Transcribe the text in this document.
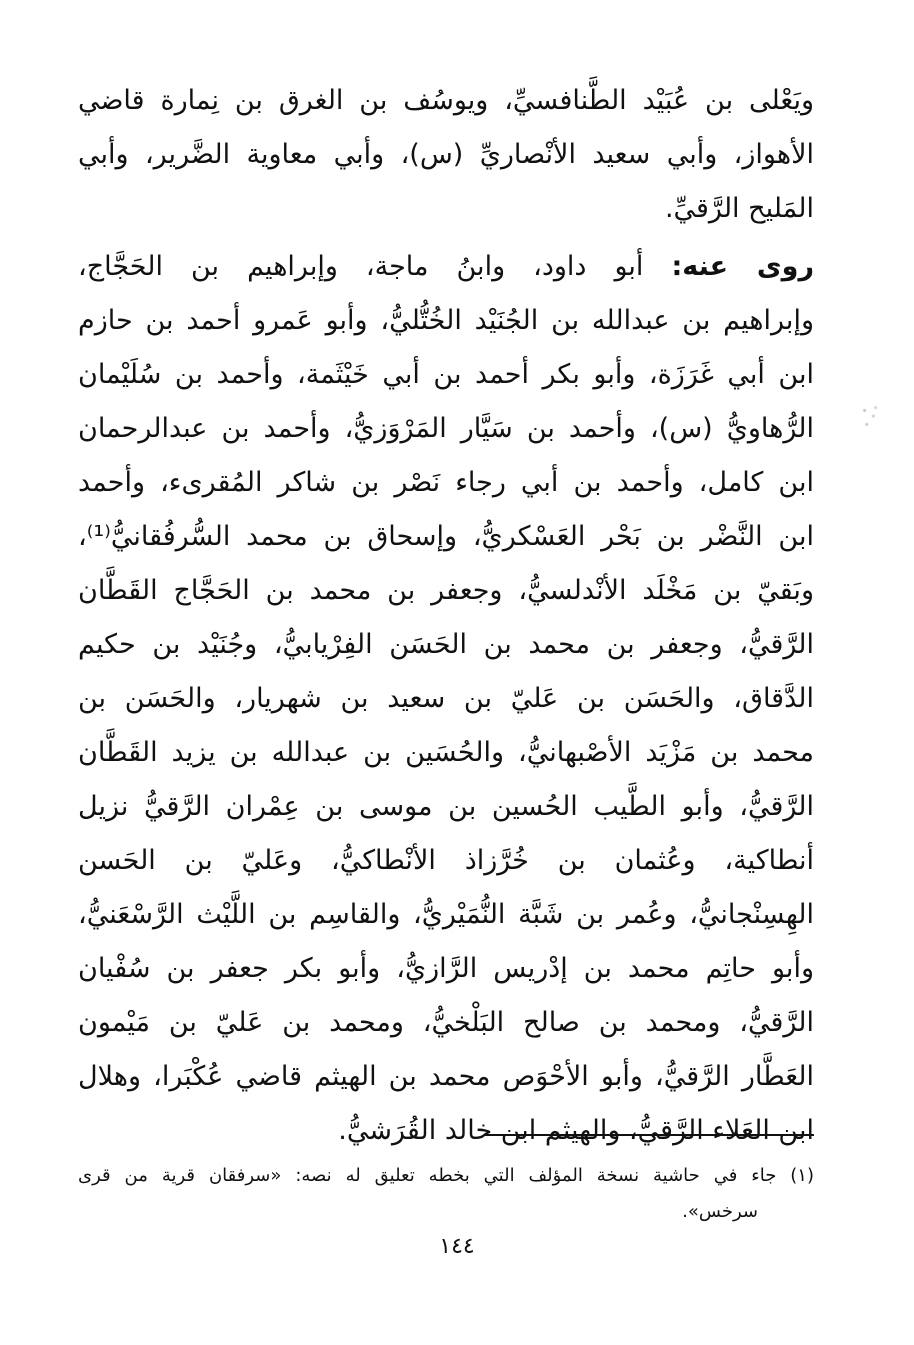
ويَعْلى بن عُبَيْد الطَّنافسيِّ، ويوسُف بن الغرق بن نِمارة قاضي
الأهواز، وأبي سعيد الأنْصاريِّ (س)، وأبي معاوية الضَّرير، وأبي
المَليح الرَّقيِّ.
روى عنه: أبو داود، وابنُ ماجة، وإبراهيم بن الحَجَّاج،
وإبراهيم بن عبدالله بن الجُنَيْد الخُتُّليُّ، وأبو عَمرو أحمد بن حازم
ابن أبي غَرَزَة، وأبو بكر أحمد بن أبي خَيْثَمة، وأحمد بن سُلَيْمان
الرُّهاويُّ (س)، وأحمد بن سَيَّار المَرْوَزيُّ، وأحمد بن عبدالرحمان
ابن كامل، وأحمد بن أبي رجاء نَصْر بن شاكر المُقرىء، وأحمد
ابن النَّضْر بن بَحْر العَسْكريُّ، وإسحاق بن محمد السُّرفُقانيُّ⁽¹⁾،
وبَقيّ بن مَخْلَد الأنْدلسيُّ، وجعفر بن محمد بن الحَجَّاج القَطَّان
الرَّقيُّ، وجعفر بن محمد بن الحَسَن الفِرْيابيُّ، وجُنَيْد بن حكيم
الدَّقاق، والحَسَن بن عَليّ بن سعيد بن شهريار، والحَسَن بن
محمد بن مَزْيَد الأصْبهانيُّ، والحُسَين بن عبدالله بن يزيد القَطَّان
الرَّقيُّ، وأبو الطَّيب الحُسين بن موسى بن عِمْران الرَّقيُّ نزيل
أنطاكية، وعُثمان بن خُرَّزاذ الأنْطاكيُّ، وعَليّ بن الحَسن
الهِسِنْجانيُّ، وعُمر بن شَبَّة النُّمَيْريُّ، والقاسِم بن اللَّيْث الرَّسْعَنيُّ،
وأبو حاتِم محمد بن إدْريس الرَّازيُّ، وأبو بكر جعفر بن سُفْيان
الرَّقيُّ، ومحمد بن صالح البَلْخيُّ، ومحمد بن عَليّ بن مَيْمون
العَطَّار الرَّقيُّ، وأبو الأحْوَص محمد بن الهيثم قاضي عُكْبَرا، وهلال
ابن العَلاء الرَّقيُّ، والهيثم ابن خالد القُرَشيُّ.
(١) جاء في حاشية نسخة المؤلف التي بخطه تعليق له نصه: «سرفقان قرية من قرى
سرخس».
١٤٤
